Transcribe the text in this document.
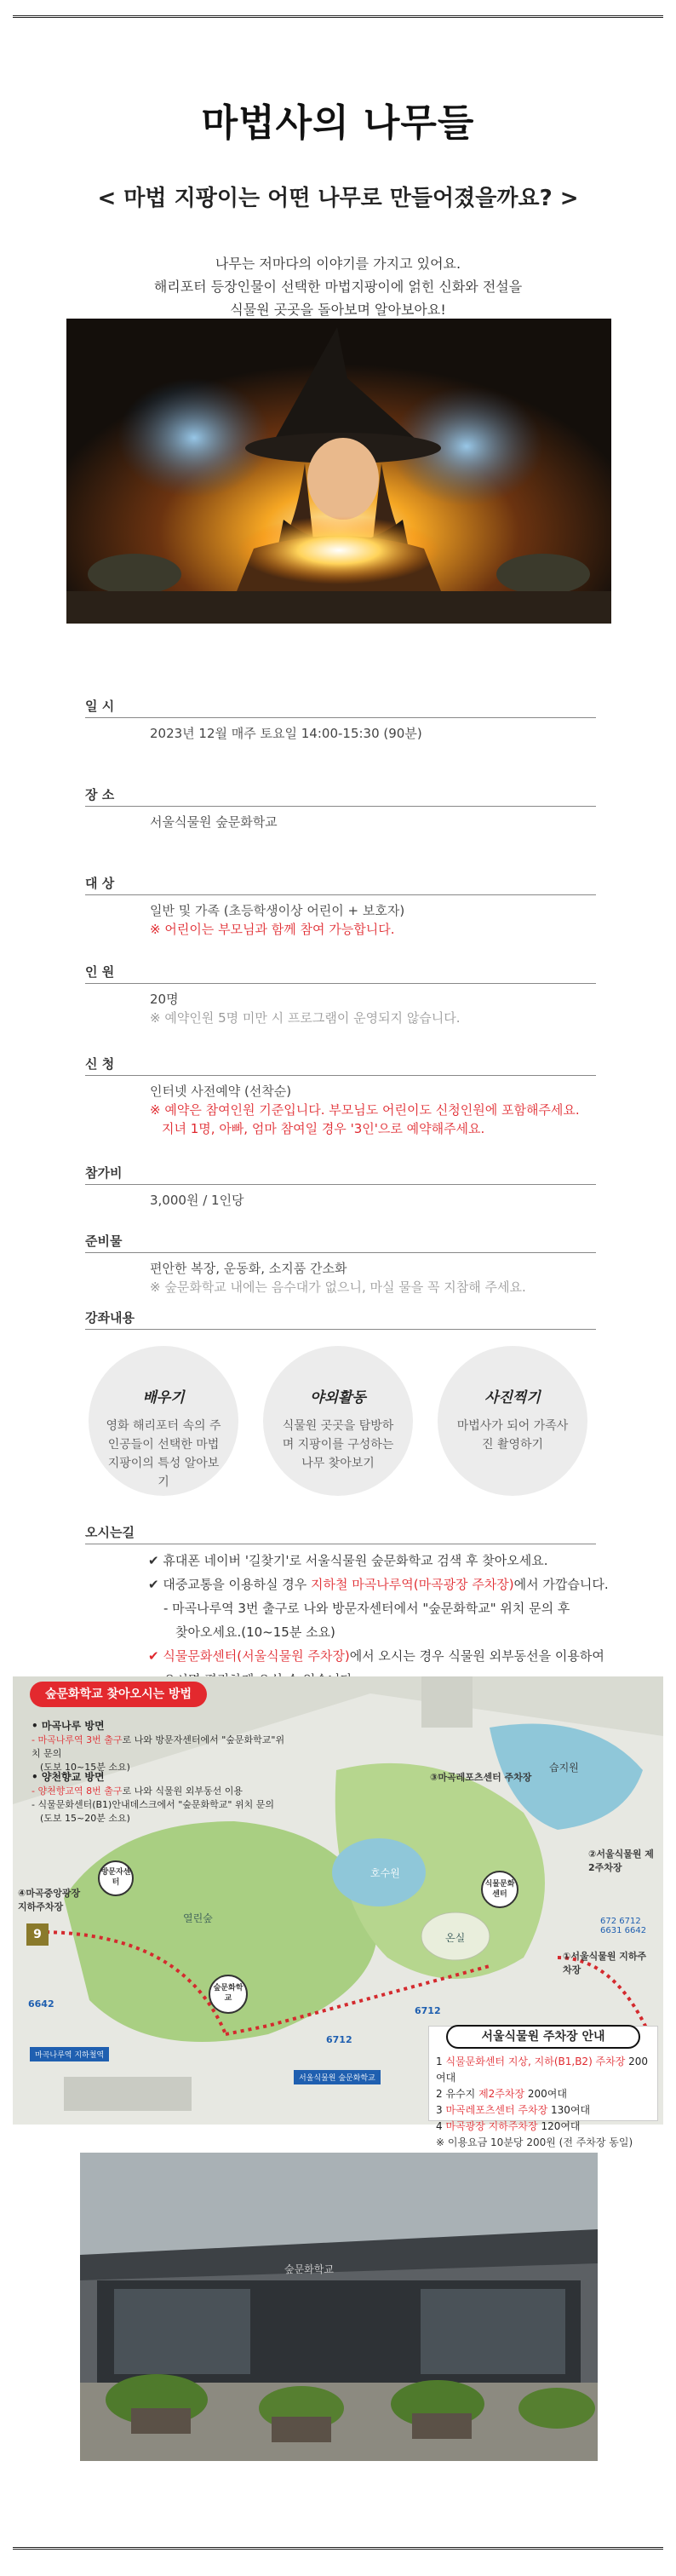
마법사의 나무들
< 마법 지팡이는 어떤 나무로 만들어졌을까요? >
나무는 저마다의 이야기를 가지고 있어요.
해리포터 등장인물이 선택한 마법지팡이에 얽힌 신화와 전설을
식물원 곳곳을 돌아보며 알아보아요!
일 시
2023년 12월 매주 토요일 14:00-15:30 (90분)
장 소
서울식물원 숲문화학교
대 상
일반 및 가족 (초등학생이상 어린이 + 보호자)
※ 어린이는 부모님과 함께 참여 가능합니다.
인 원
20명
※ 예약인원 5명 미만 시 프로그램이 운영되지 않습니다.
신 청
인터넷 사전예약 (선착순)
※ 예약은 참여인원 기준입니다. 부모님도 어린이도 신청인원에 포함해주세요.
지녀 1명, 아빠, 엄마 참여일 경우 '3인'으로 예약해주세요.
참가비
3,000원 / 1인당
준비물
편안한 복장, 운동화, 소지품 간소화
※ 숲문화학교 내에는 음수대가 없으니, 마실 물을 꼭 지참해 주세요.
강좌내용
배우기
영화 해리포터 속의 주인공들이 선택한 마법지팡이의 특성 알아보기
야외활동
식물원 곳곳을 탐방하며 지팡이를 구성하는 나무 찾아보기
사진찍기
마법사가 되어 가족사진 촬영하기
오시는길
✔ 휴대폰 네이버 '길찾기'로 서울식물원 숲문화학교 검색 후 찾아오세요.
✔ 대중교통을 이용하실 경우 지하철 마곡나루역(마곡광장 주차장)에서 가깝습니다.
- 마곡나루역 3번 출구로 나와 방문자센터에서 "숲문화학교" 위치 문의 후
찾아오세요.(10~15분 소요)
✔ 식물문화센터(서울식물원 주차장)에서 오시는 경우 식물원 외부동선을 이용하여
숲문화학교 찾아오시는 방법
• 마곡나루 방면
- 마곡나루역 3번 출구로 나와 방문자센터에서 "숲문화학교"위치 문의
(도보 10~15분 소요)
• 양천향교 방면
- 양천향교역 8번 출구로 나와 식물원 외부동선 이용
- 식물문화센터(B1)안내데스크에서 "숲문화학교" 위치 문의
(도보 15~20분 소요)
습지원
호수원
열린숲
온실
방문자센터
숲문화학교
식물문화센터
③마곡레포츠센터 주차장
②서울식물원 제2주차장
①서울식물원 지하주차장
④마곡중앙광장 지하주차장
6642
6712
6712
672 6712 6631 6642
9
마곡나루역 지하철역
서울식물원 숲문화학교
서울식물원 주차장 안내
1 식물문화센터 지상, 지하(B1,B2) 주차장 200여대
2 유수지 제2주차장 200여대
3 마곡레포츠센터 주차장 130여대
4 마곡광장 지하주차장 120여대
※ 이용요금 10분당 200원 (전 주차장 동일)
숲문화학교
